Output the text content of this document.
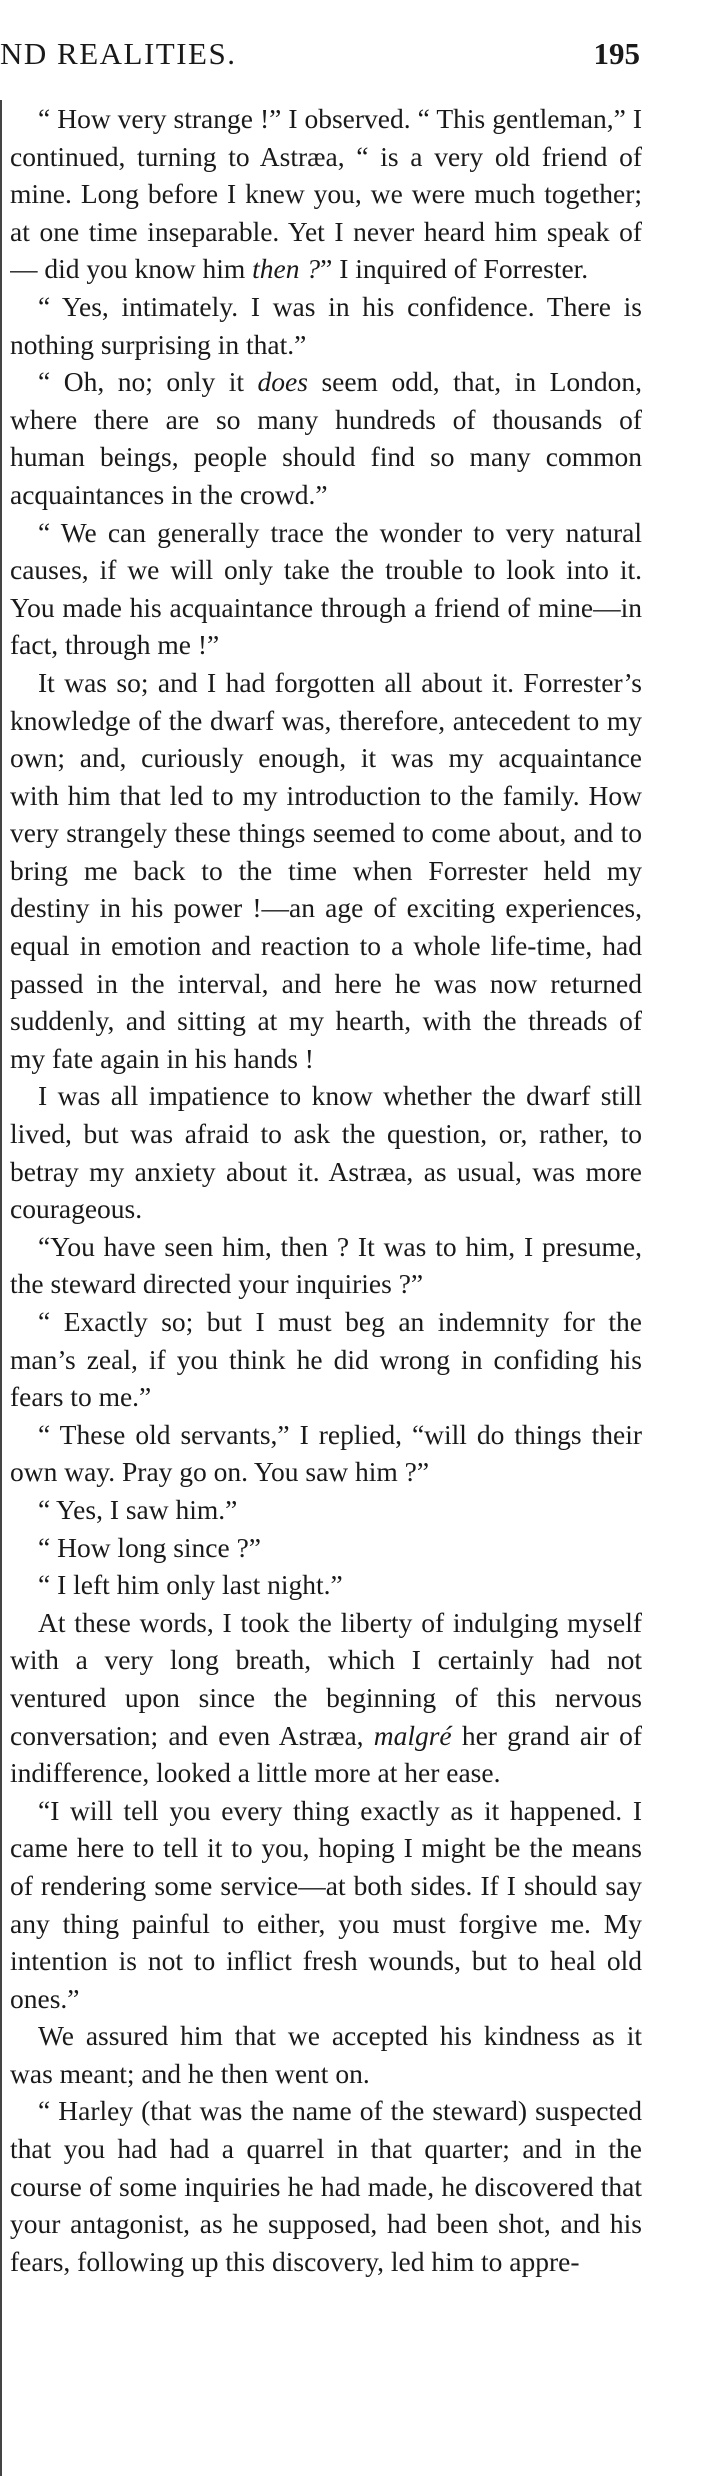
ND REALITIES.	195

“ How very strange !” I observed. “ This gentleman,” I continued, turning to Astræa, “ is a very old friend of mine. Long before I knew you, we were much together; at one time inseparable. Yet I never heard him speak of— did you know him then ?” I inquired of Forrester.

“ Yes, intimately. I was in his confidence. There is nothing surprising in that.”

“ Oh, no; only it does seem odd, that, in London, where there are so many hundreds of thousands of human beings, people should find so many common acquaintances in the crowd.”

“ We can generally trace the wonder to very natural causes, if we will only take the trouble to look into it. You made his acquaintance through a friend of mine—in fact, through me !”

It was so; and I had forgotten all about it. Forrester’s knowledge of the dwarf was, therefore, antecedent to my own; and, curiously enough, it was my acquaintance with him that led to my introduction to the family. How very strangely these things seemed to come about, and to bring me back to the time when Forrester held my destiny in his power !—an age of exciting experiences, equal in emotion and reaction to a whole life-time, had passed in the interval, and here he was now returned suddenly, and sitting at my hearth, with the threads of my fate again in his hands !

I was all impatience to know whether the dwarf still lived, but was afraid to ask the question, or, rather, to betray my anxiety about it. Astræa, as usual, was more courageous.

“You have seen him, then ? It was to him, I presume, the steward directed your inquiries ?”

“ Exactly so; but I must beg an indemnity for the man’s zeal, if you think he did wrong in confiding his fears to me.”

“ These old servants,” I replied, “will do things their own way. Pray go on. You saw him ?”

“ Yes, I saw him.”

“ How long since ?”

“ I left him only last night.”

At these words, I took the liberty of indulging myself with a very long breath, which I certainly had not ventured upon since the beginning of this nervous conversation; and even Astræa, malgré her grand air of indifference, looked a little more at her ease.

“I will tell you every thing exactly as it happened. I came here to tell it to you, hoping I might be the means of rendering some service—at both sides. If I should say any thing painful to either, you must forgive me. My intention is not to inflict fresh wounds, but to heal old ones.”

We assured him that we accepted his kindness as it was meant; and he then went on.

“ Harley (that was the name of the steward) suspected that you had had a quarrel in that quarter; and in the course of some inquiries he had made, he discovered that your antagonist, as he supposed, had been shot, and his fears, following up this discovery, led him to appre-
